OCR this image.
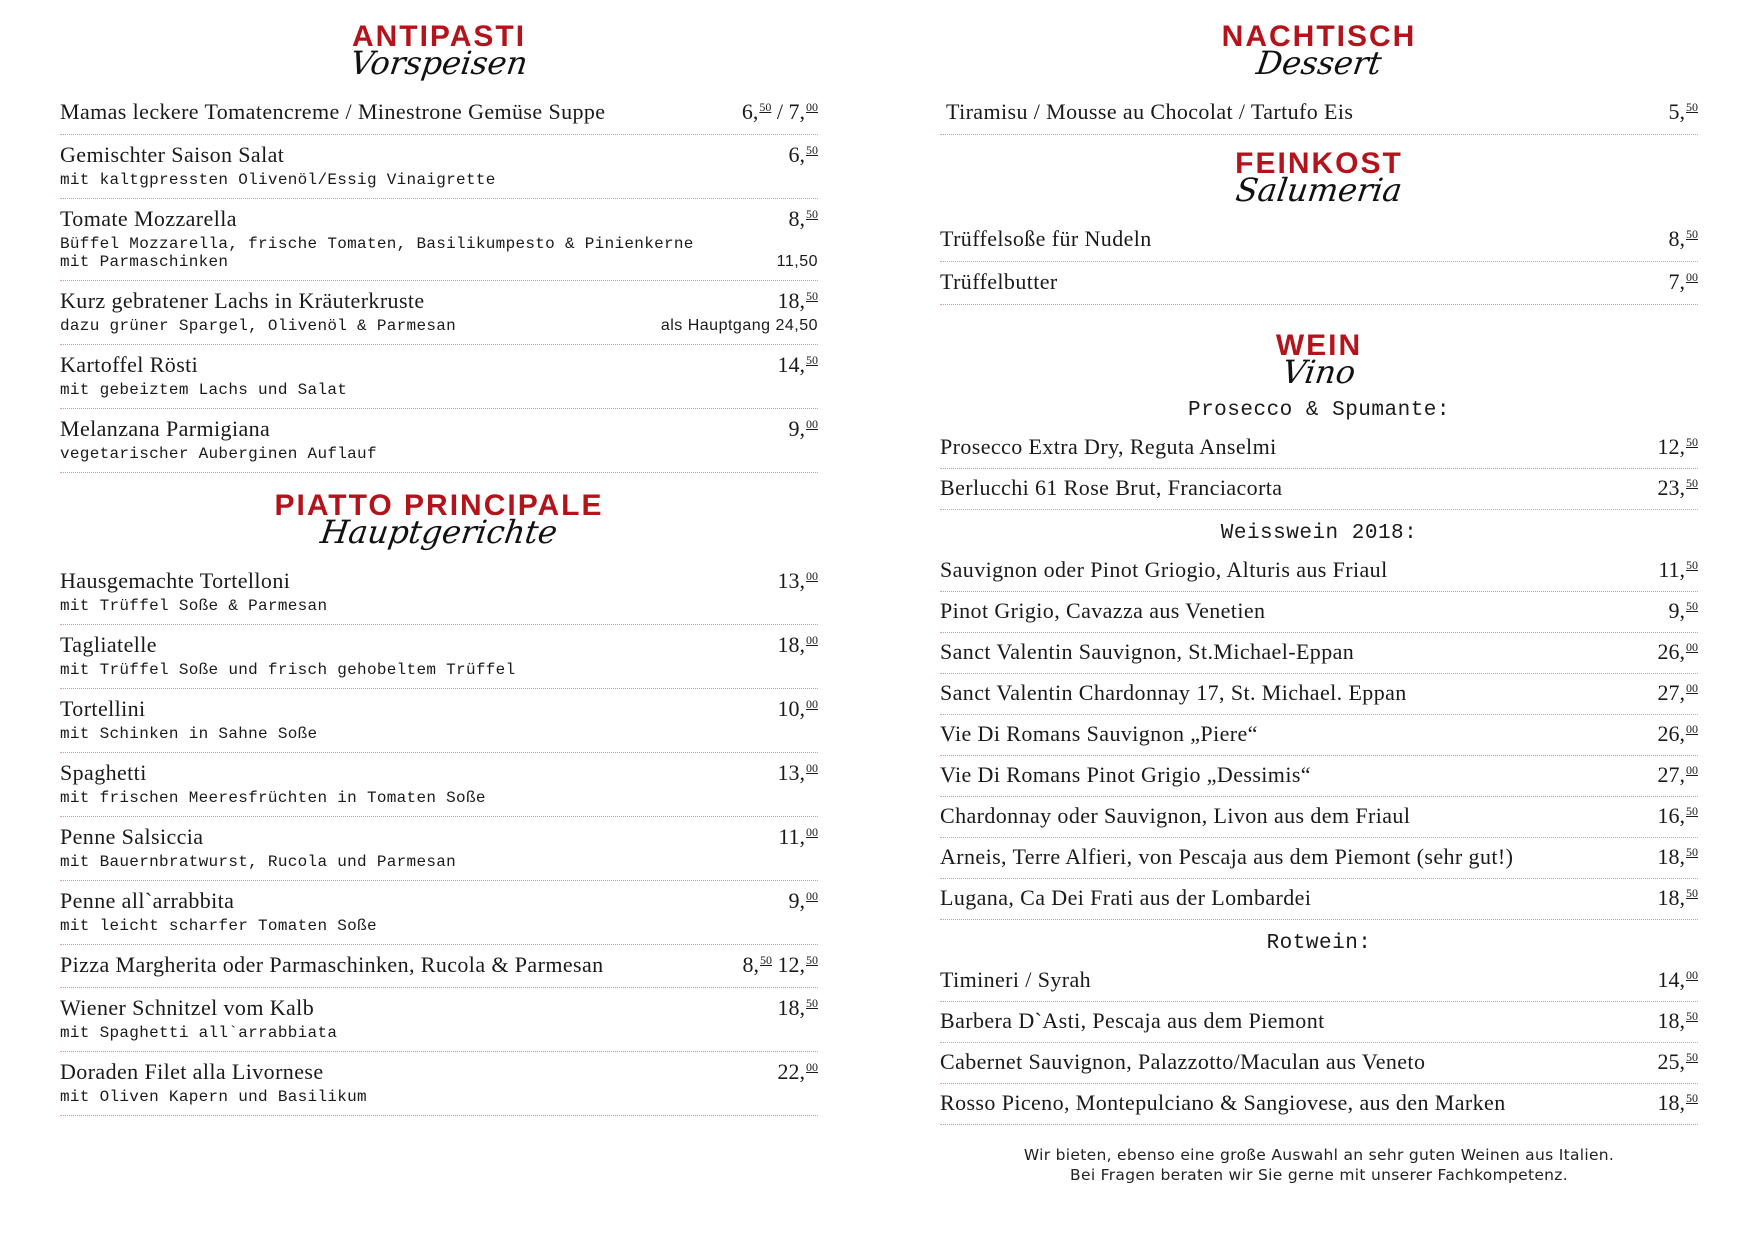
ANTIPASTI
Vorspeisen
Mamas leckere Tomatencreme / Minestrone Gemüse Suppe	6,50 / 7,00
Gemischter Saison Salat	6,50
mit kaltgpressten Olivenöl/Essig Vinaigrette
Tomate Mozzarella	8,50
Büffel Mozzarella, frische Tomaten, Basilikumpesto & Pinienkerne
mit Parmaschinken	11,50
Kurz gebratener Lachs in Kräuterkruste	18,50
dazu grüner Spargel, Olivenöl & Parmesan	als Hauptgang 24,50
Kartoffel Rösti	14,50
mit gebeiztem Lachs und Salat
Melanzana Parmigiana	9,00
vegetarischer Auberginen Auflauf
PIATTO PRINCIPALE
Hauptgerichte
Hausgemachte Tortelloni	13,00
mit Trüffel Soße & Parmesan
Tagliatelle	18,00
mit Trüffel Soße und frisch gehobeltem Trüffel
Tortellini	10,00
mit Schinken in Sahne Soße
Spaghetti	13,00
mit frischen Meeresfrüchten in Tomaten Soße
Penne Salsiccia	11,00
mit Bauernbratwurst, Rucola und Parmesan
Penne all`arrabbita	9,00
mit leicht scharfer Tomaten Soße
Pizza Margherita oder Parmaschinken, Rucola & Parmesan	8,50 12,50
Wiener Schnitzel vom Kalb	18,50
mit Spaghetti all`arrabbiata
Doraden Filet alla Livornese	22,00
mit Oliven Kapern und Basilikum
NACHTISCH
Dessert
Tiramisu / Mousse au Chocolat / Tartufo Eis	5,50
FEINKOST
Salumeria
Trüffelsoße für Nudeln	8,50
Trüffelbutter	7,00
WEIN
Vino
Prosecco & Spumante:
Prosecco Extra Dry, Reguta Anselmi	12,50
Berlucchi 61 Rose Brut, Franciacorta	23,50
Weisswein 2018:
Sauvignon oder Pinot Griogio, Alturis aus Friaul	11,50
Pinot Grigio, Cavazza aus Venetien	9,50
Sanct Valentin Sauvignon, St.Michael-Eppan	26,00
Sanct Valentin Chardonnay 17, St. Michael. Eppan	27,00
Vie Di Romans Sauvignon „Piere“	26,00
Vie Di Romans Pinot Grigio „Dessimis“	27,00
Chardonnay oder Sauvignon, Livon aus dem Friaul	16,50
Arneis, Terre Alfieri, von Pescaja aus dem Piemont (sehr gut!)	18,50
Lugana, Ca Dei Frati aus der Lombardei	18,50
Rotwein:
Timineri / Syrah	14,00
Barbera D`Asti, Pescaja aus dem Piemont	18,50
Cabernet Sauvignon, Palazzotto/Maculan aus Veneto	25,50
Rosso Piceno, Montepulciano & Sangiovese, aus den Marken	18,50
Wir bieten, ebenso eine große Auswahl an sehr guten Weinen aus Italien.
Bei Fragen beraten wir Sie gerne mit unserer Fachkompetenz.
